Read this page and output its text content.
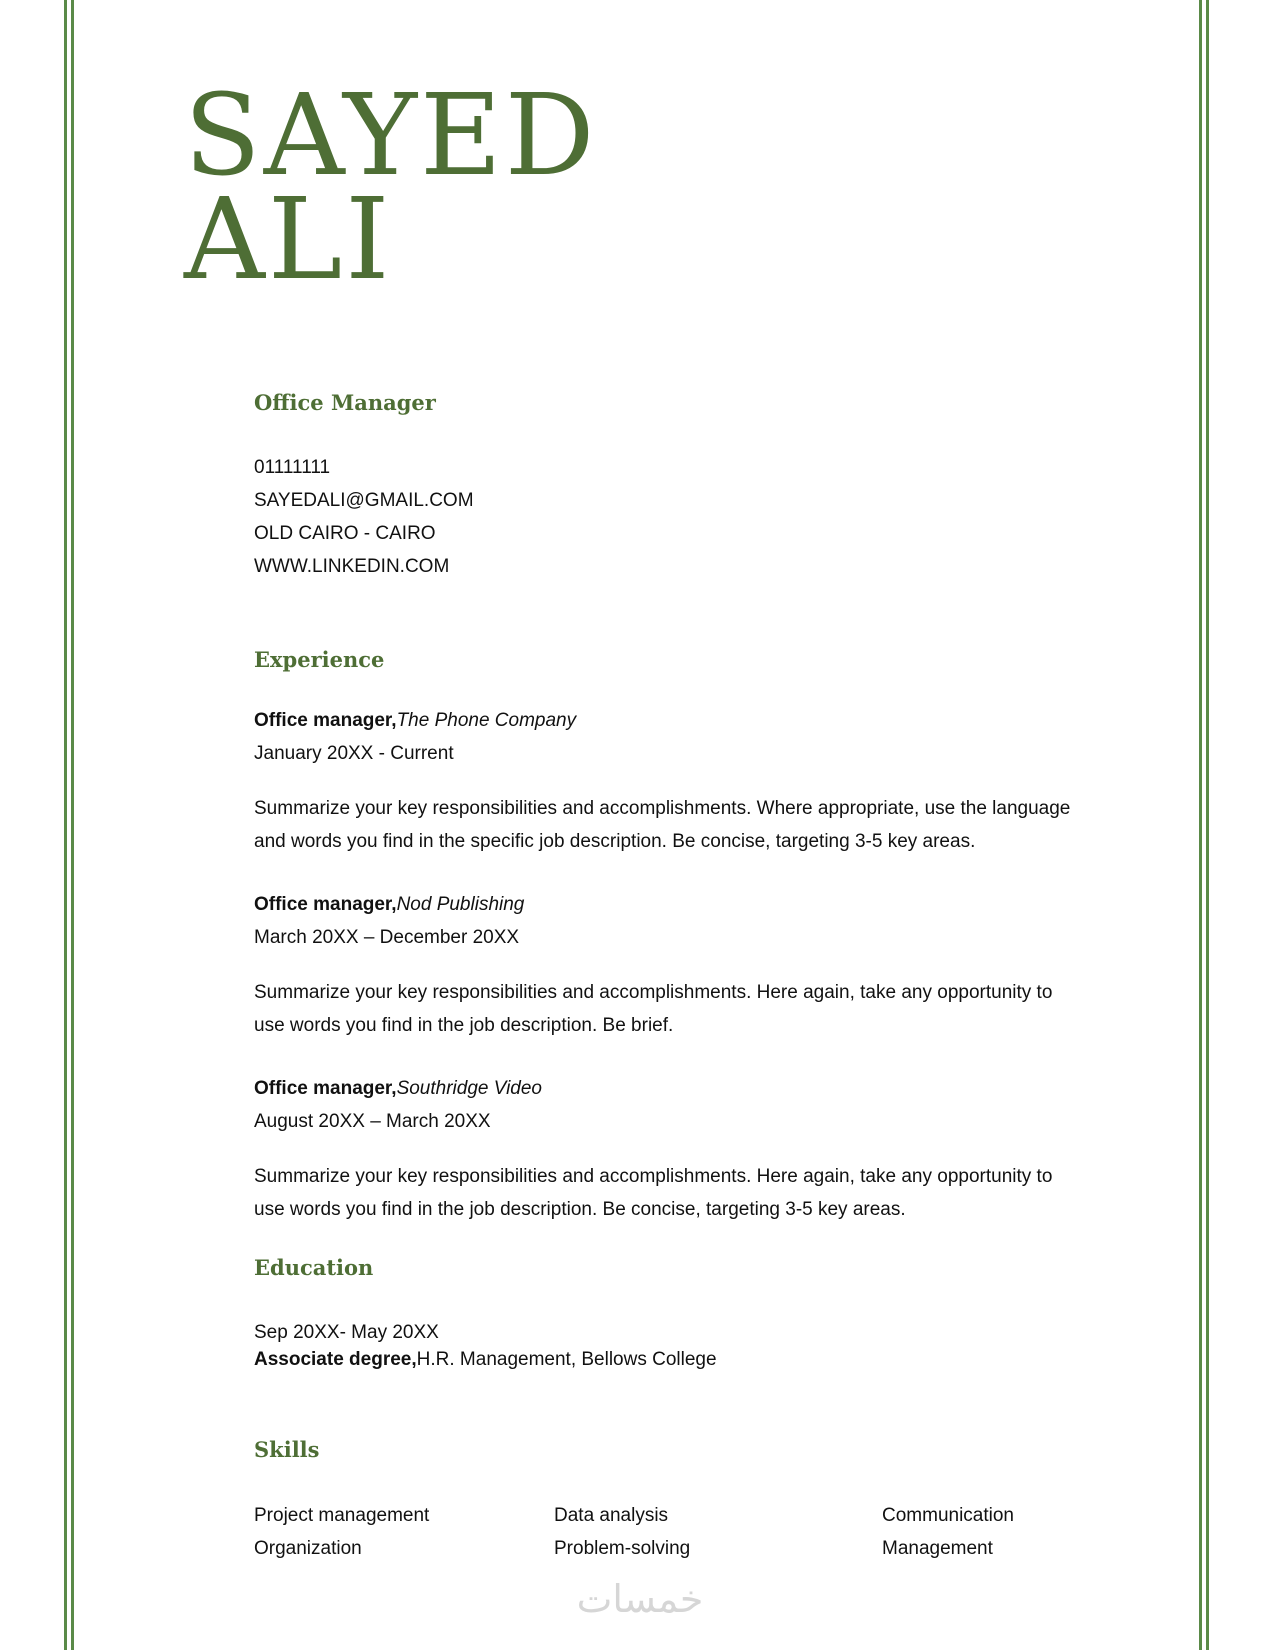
SAYED
ALI
Office Manager

01111111

SAYEDALI@GMAIL.COM

OLD CAIRO - CAIRO

WWW.LINKEDIN.COM

Experience

Office manager,The Phone Company

January 20XX - Current

Summarize your key responsibilities and accomplishments. Where appropriate, use the language and words you find in the specific job description. Be concise, targeting 3-5 key areas.

Office manager,Nod Publishing

March 20XX – December 20XX

Summarize your key responsibilities and accomplishments. Here again, take any opportunity to use words you find in the job description. Be brief.

Office manager,Southridge Video

August 20XX – March 20XX

Summarize your key responsibilities and accomplishments. Here again, take any opportunity to use words you find in the job description. Be concise, targeting 3-5 key areas.

Education

Sep 20XX- May 20XX

Associate degree,H.R. Management, Bellows College

Skills

Project management	Data analysis	Communication

Organization	Problem-solving	Management

خمسات
